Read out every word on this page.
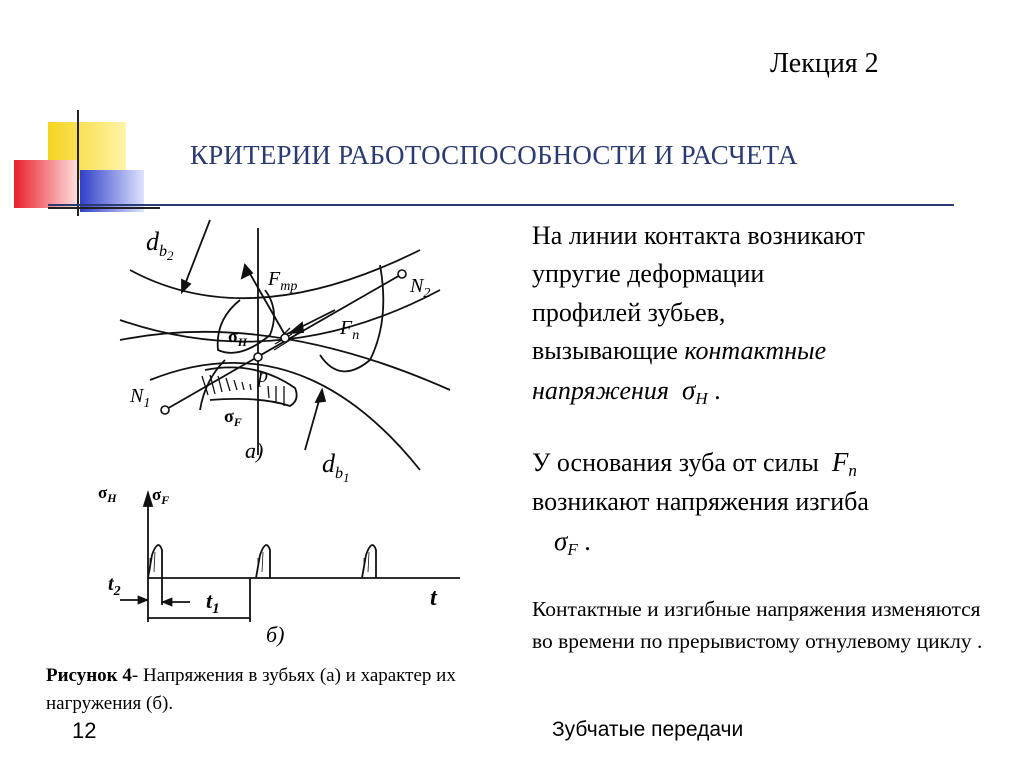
Лекция 2
КРИТЕРИИ РАБОТОСПОСОБНОСТИ И РАСЧЕТА
На линии контакта возникают
упругие деформации
профилей зубьев,
вызывающие контактные
напряжения $\sigma_H$ .
У основания зуба от силы $F_n$
возникают напряжения изгиба
$\sigma_F$ .
Контактные и изгибные напряжения изменяются во времени по прерывистому отнулевому циклу .
$d_b2$
$F_{тр}$	$N_2$
$F_n$
$\sigma_H$
p
$N_1$
$\sigma_F$
а) $d_b1$
$\sigma_H$ $\sigma_F$
t
$t_1$
$t_2$
б)
Рисунок 4- Напряжения в зубьях (а) и характер их нагружения (б).
12	Зубчатые передачи
